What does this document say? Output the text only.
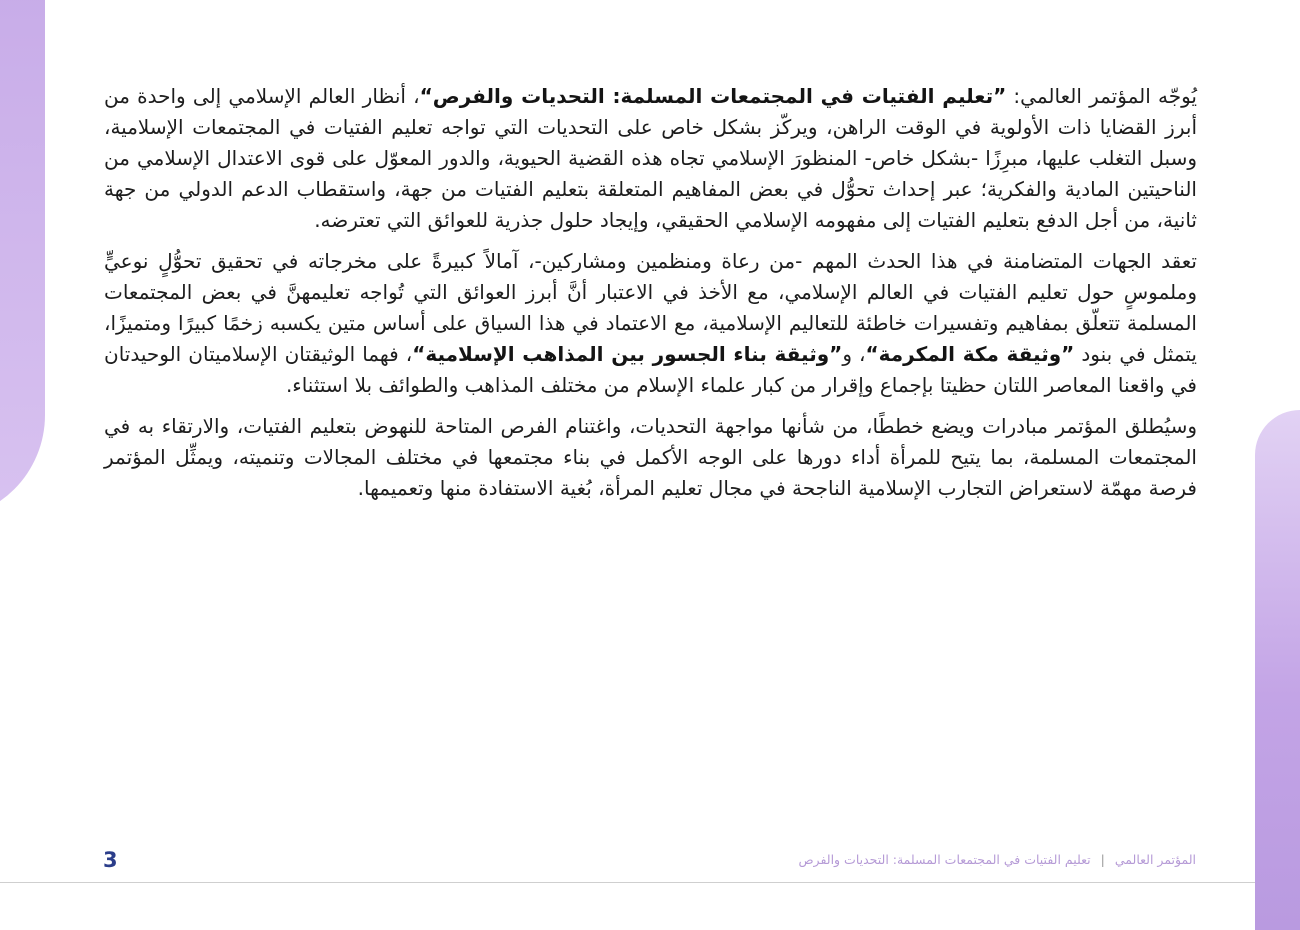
يُوجّه المؤتمر العالمي: ”تعليم الفتيات في المجتمعات المسلمة: التحديات والفرص“، أنظار العالم الإسلامي إلى واحدة من أبرز القضايا ذات الأولوية في الوقت الراهن، ويركّز بشكل خاص على التحديات التي تواجه تعليم الفتيات في المجتمعات الإسلامية، وسبل التغلب عليها، مبرِزًا -بشكل خاص- المنظورَ الإسلامي تجاه هذه القضية الحيوية، والدور المعوّل على قوى الاعتدال الإسلامي من الناحيتين المادية والفكرية؛ عبر إحداث تحوُّل في بعض المفاهيم المتعلقة بتعليم الفتيات من جهة، واستقطاب الدعم الدولي من جهة ثانية، من أجل الدفع بتعليم الفتيات إلى مفهومه الإسلامي الحقيقي، وإيجاد حلول جذرية للعوائق التي تعترضه.

تعقد الجهات المتضامنة في هذا الحدث المهم -من رعاة ومنظمين ومشاركين-، آمالاً كبيرةً على مخرجاته في تحقيق تحوُّلٍ نوعيٍّ وملموسٍ حول تعليم الفتيات في العالم الإسلامي، مع الأخذ في الاعتبار أنَّ أبرز العوائق التي تُواجه تعليمهنَّ في بعض المجتمعات المسلمة تتعلّق بمفاهيم وتفسيرات خاطئة للتعاليم الإسلامية، مع الاعتماد في هذا السياق على أساس متين يكسبه زخمًا كبيرًا ومتميزًا، يتمثل في بنود ”وثيقة مكة المكرمة“، و”وثيقة بناء الجسور بين المذاهب الإسلامية“، فهما الوثيقتان الإسلاميتان الوحيدتان في واقعنا المعاصر اللتان حظيتا بإجماع وإقرار من كبار علماء الإسلام من مختلف المذاهب والطوائف بلا استثناء.

وسيُطلق المؤتمر مبادرات ويضع خططًا، من شأنها مواجهة التحديات، واغتنام الفرص المتاحة للنهوض بتعليم الفتيات، والارتقاء به في المجتمعات المسلمة، بما يتيح للمرأة أداء دورها على الوجه الأكمل في بناء مجتمعها في مختلف المجالات وتنميته، ويمثِّل المؤتمر فرصة مهمّة لاستعراض التجارب الإسلامية الناجحة في مجال تعليم المرأة، بُغية الاستفادة منها وتعميمها.

3	المؤتمر العالمي|تعليم الفتيات في المجتمعات المسلمة: التحديات والفرص
